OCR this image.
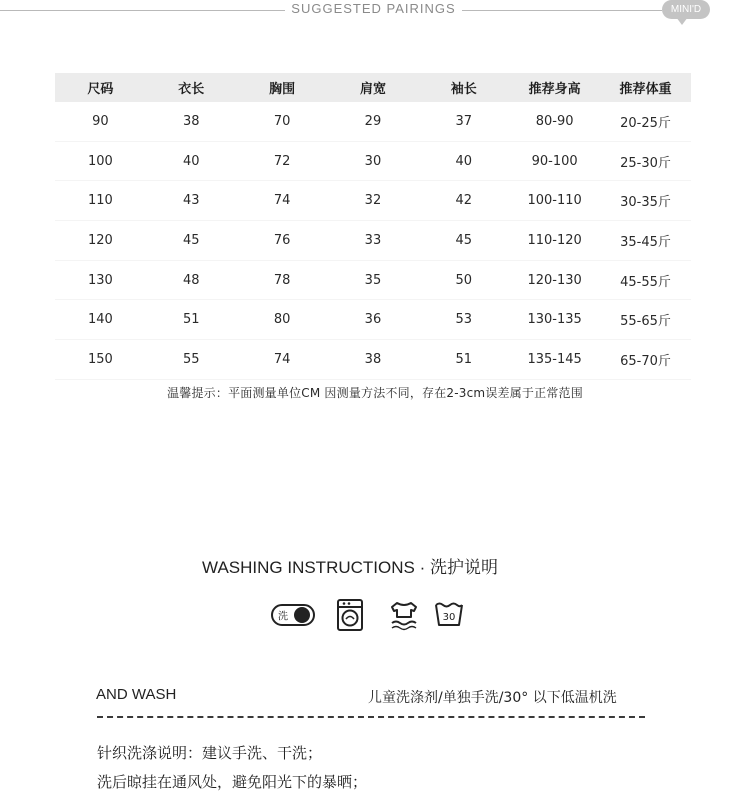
SUGGESTED PAIRINGS	MINI'D
尺码	衣长	胸围	肩宽	袖长	推荐身高	推荐体重
90	38	70	29	37	80-90	20-25斤
100	40	72	30	40	90-100	25-30斤
110	43	74	32	42	100-110	30-35斤
120	45	76	33	45	110-120	35-45斤
130	48	78	35	50	120-130	45-55斤
140	51	80	36	53	130-135	55-65斤
150	55	74	38	51	135-145	65-70斤
温馨提示：平面测量单位CM 因测量方法不同，存在2-3cm误差属于正常范围
WASHING INSTRUCTIONS · 洗护说明
洗	30
AND WASH	儿童洗涤剂/单独手洗/30° 以下低温机洗
针织洗涤说明：建议手洗、干洗；
洗后晾挂在通风处，避免阳光下的暴晒；
